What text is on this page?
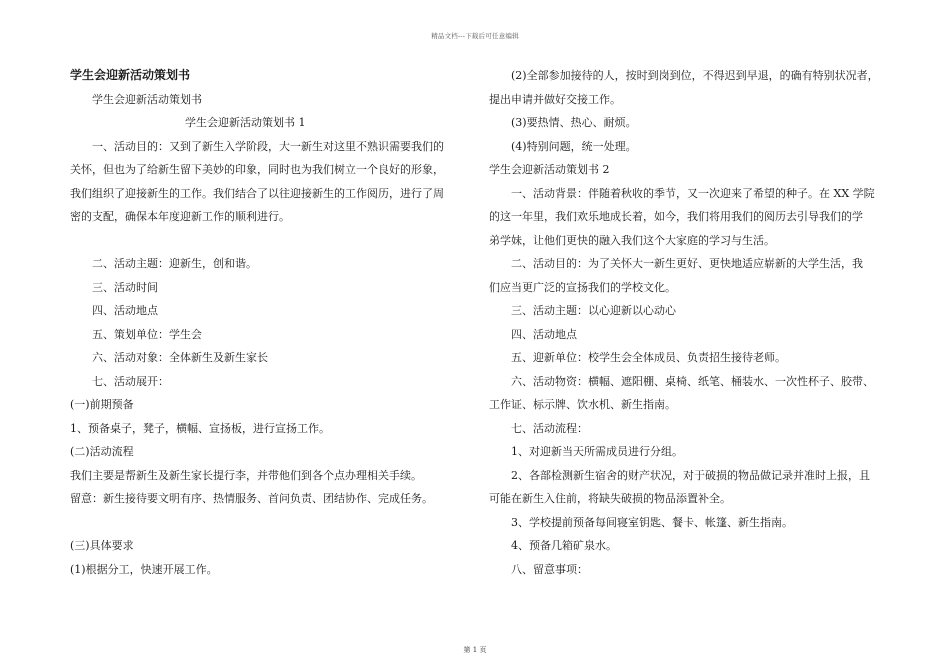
精品文档---下载后可任意编辑
学生会迎新活动策划书
学生会迎新活动策划书
学生会迎新活动策划书 1
一、活动目的：又到了新生入学阶段，大一新生对这里不熟识需要我们的
关怀，但也为了给新生留下美妙的印象，同时也为我们树立一个良好的形象，
我们组织了迎接新生的工作。我们结合了以往迎接新生的工作阅历，进行了周
密的支配，确保本年度迎新工作的顺利进行。
二、活动主题：迎新生，创和谐。
三、活动时间
四、活动地点
五、策划单位：学生会
六、活动对象：全体新生及新生家长
七、活动展开：
(一)前期预备
1、预备桌子，凳子，横幅、宣扬板，进行宣扬工作。
(二)活动流程
我们主要是帮新生及新生家长提行李，并带他们到各个点办理相关手续。
留意：新生接待要文明有序、热情服务、首问负责、团结协作、完成任务。
(三)具体要求
(1)根据分工，快速开展工作。
(2)全部参加接待的人，按时到岗到位，不得迟到早退，的确有特别状况者，
提出申请并做好交接工作。
(3)要热情、热心、耐烦。
(4)特别问题，统一处理。
学生会迎新活动策划书 2
一、活动背景：伴随着秋收的季节，又一次迎来了希望的种子。在 XX 学院
的这一年里，我们欢乐地成长着，如今，我们将用我们的阅历去引导我们的学
弟学妹，让他们更快的融入我们这个大家庭的学习与生活。
二、活动目的：为了关怀大一新生更好、更快地适应崭新的大学生活，我
们应当更广泛的宣扬我们的学校文化。
三、活动主题：以心迎新以心动心
四、活动地点
五、迎新单位：校学生会全体成员、负责招生接待老师。
六、活动物资：横幅、遮阳棚、桌椅、纸笔、桶装水、一次性杯子、胶带、
工作证、标示牌、饮水机、新生指南。
七、活动流程：
1、对迎新当天所需成员进行分组。
2、各部检测新生宿舍的财产状况，对于破损的物品做记录并准时上报，且
可能在新生入住前，将缺失破损的物品添置补全。
3、学校提前预备每间寝室钥匙、餐卡、帐篷、新生指南。
4、预备几箱矿泉水。
八、留意事项：
第 1 页
